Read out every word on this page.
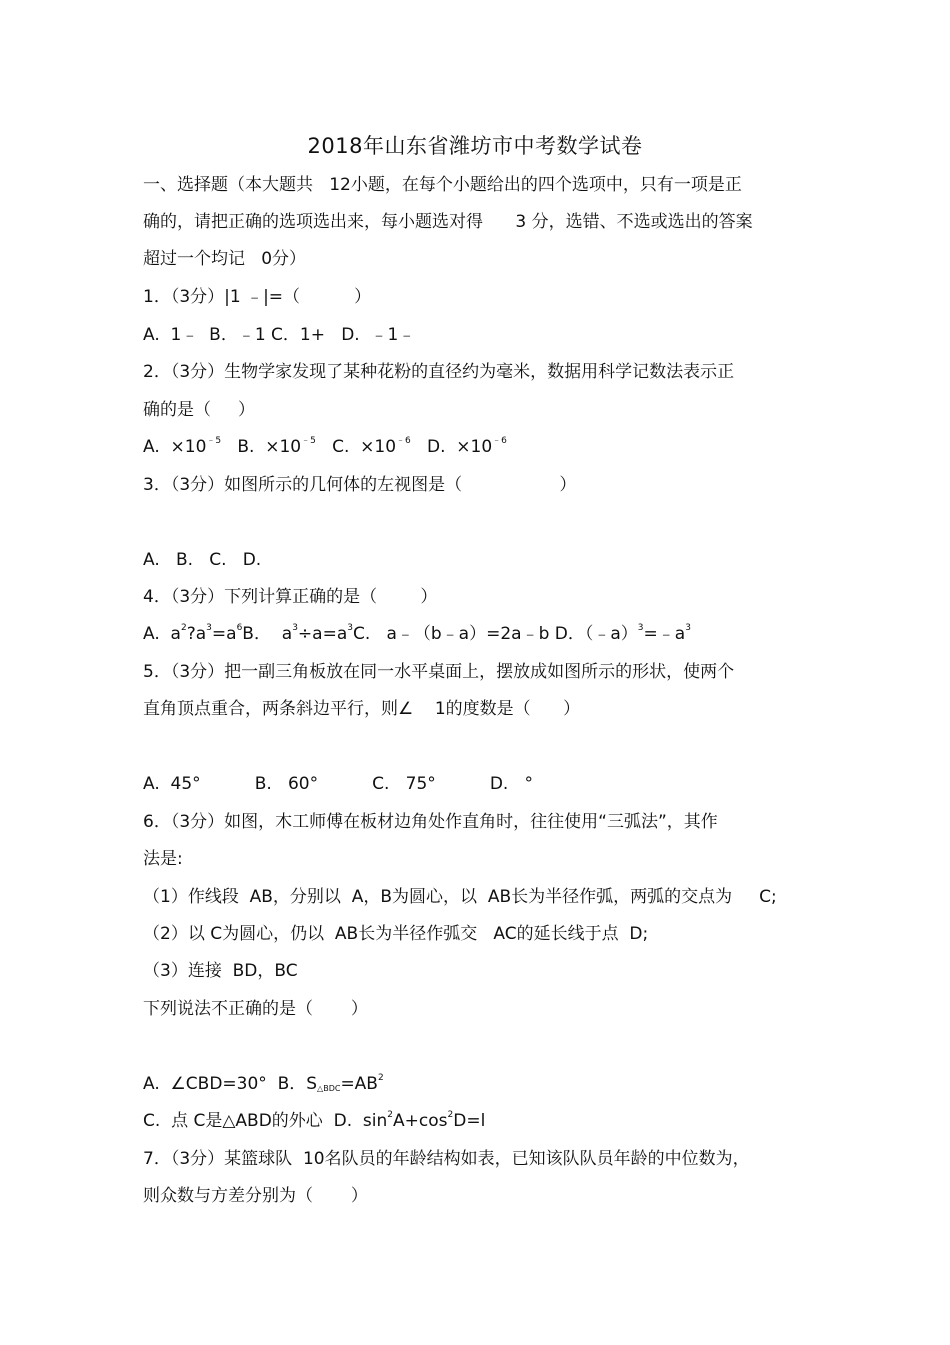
2018年山东省潍坊市中考数学试卷
一、选择题（本大题共   12小题，在每个小题给出的四个选项中，只有一项是正
确的，请把正确的选项选出来，每小题选对得      3 分，选错、不选或选出的答案
超过一个均记   0分）
1．（3分）|1 ﹣|=（          ）
A.  1﹣  B．﹣1 C．1+   D.  ﹣1﹣
2．（3分）生物学家发现了某种花粉的直径约为毫米，数据用科学记数法表示正
确的是（     ）
A.  $\times 10^{﹣5}$   B.  $\times 10^{﹣5}$   C.  $\times 10^{﹣6}$   D.  $\times 10^{﹣6}$
3．（3分）如图所示的几何体的左视图是（                  ）
A.   B.   C.   D.
4．（3分）下列计算正确的是（        ）
A.  $a^2?a^3=a^6B$．  $a^3\div a=a^3C$.   a﹣（b﹣a）=2a﹣b D．$(﹣a)^3=﹣a^3$
5．（3分）把一副三角板放在同一水平桌面上，摆放成如图所示的形状，使两个
直角顶点重合，两条斜边平行，则∠    1的度数是（      ）
A.  45°          B.   60°          C.   75°          D.   °
6．（3分）如图，木工师傅在板材边角处作直角时，往往使用“三弧法”，其作
法是:
（1）作线段  AB，分别以  A，B为圆心，以  AB长为半径作弧，两弧的交点为     C;
（2）以 C为圆心，仍以  AB长为半径作弧交   AC的延长线于点  D;
（3）连接  BD，BC
下列说法不正确的是（       ）
A.  ∠CBD=30°  B．$S_{\triangle BDC}=AB^2$
C.  点 C是△ABD的外心  D.  $\sin^2A+\cos^2D=l$
7．（3分）某篮球队  10名队员的年龄结构如表，已知该队队员年龄的中位数为，
则众数与方差分别为（       ）
